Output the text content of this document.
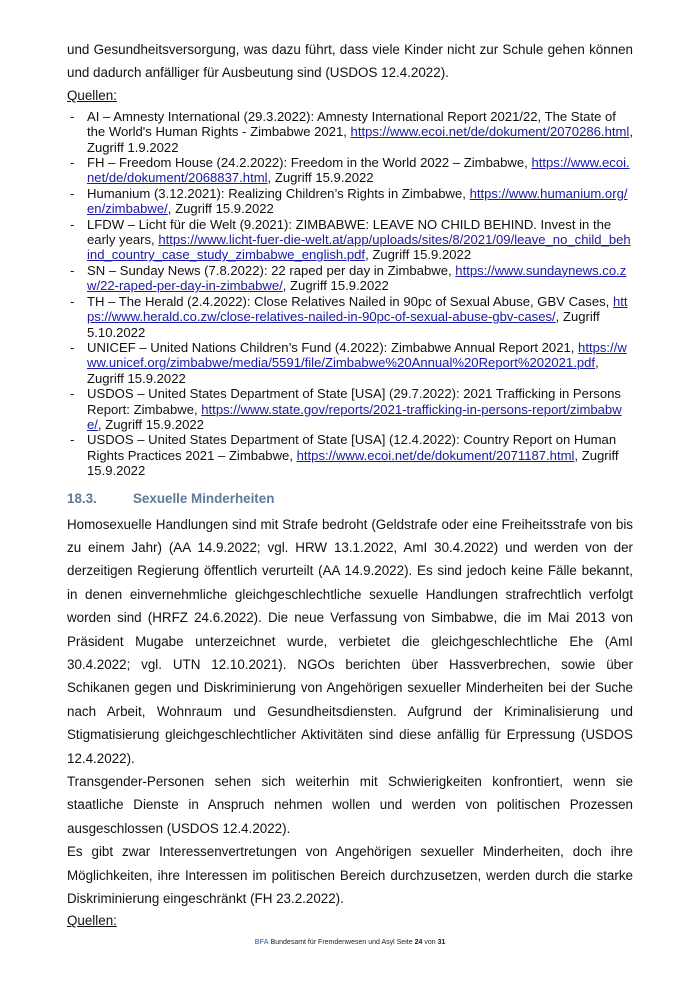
und Gesundheitsversorgung, was dazu führt, dass viele Kinder nicht zur Schule gehen können und dadurch anfälliger für Ausbeutung sind (USDOS 12.4.2022).

Quellen:
- AI – Amnesty International (29.3.2022): Amnesty International Report 2021/22, The State of the World's Human Rights - Zimbabwe 2021, https://www.ecoi.net/de/dokument/2070286.html, Zugriff 1.9.2022
- FH – Freedom House (24.2.2022): Freedom in the World 2022 – Zimbabwe, https://www.ecoi.net/de/dokument/2068837.html, Zugriff 15.9.2022
- Humanium (3.12.2021): Realizing Children’s Rights in Zimbabwe, https://www.humanium.org/en/zimbabwe/, Zugriff 15.9.2022
- LFDW – Licht für die Welt (9.2021): ZIMBABWE: LEAVE NO CHILD BEHIND. Invest in the early years, https://www.licht-fuer-die-welt.at/app/uploads/sites/8/2021/09/leave_no_child_behind_country_case_study_zimbabwe_english.pdf, Zugriff 15.9.2022
- SN – Sunday News (7.8.2022): 22 raped per day in Zimbabwe, https://www.sundaynews.co.zw/22-raped-per-day-in-zimbabwe/, Zugriff 15.9.2022
- TH – The Herald (2.4.2022): Close Relatives Nailed in 90pc of Sexual Abuse, GBV Cases, https://www.herald.co.zw/close-relatives-nailed-in-90pc-of-sexual-abuse-gbv-cases/, Zugriff 5.10.2022
- UNICEF – United Nations Children’s Fund (4.2022): Zimbabwe Annual Report 2021, https://www.unicef.org/zimbabwe/media/5591/file/Zimbabwe%20Annual%20Report%202021.pdf, Zugriff 15.9.2022
- USDOS – United States Department of State [USA] (29.7.2022): 2021 Trafficking in Persons Report: Zimbabwe, https://www.state.gov/reports/2021-trafficking-in-persons-report/zimbabwe/, Zugriff 15.9.2022
- USDOS – United States Department of State [USA] (12.4.2022): Country Report on Human Rights Practices 2021 – Zimbabwe, https://www.ecoi.net/de/dokument/2071187.html, Zugriff 15.9.2022
18.3.	Sexuelle Minderheiten

Homosexuelle Handlungen sind mit Strafe bedroht (Geldstrafe oder eine Freiheitsstrafe von bis zu einem Jahr) (AA 14.9.2022; vgl. HRW 13.1.2022, AmI 30.4.2022) und werden von der derzeitigen Regierung öffentlich verurteilt (AA 14.9.2022). Es sind jedoch keine Fälle bekannt, in denen einvernehmliche gleichgeschlechtliche sexuelle Handlungen strafrechtlich verfolgt worden sind (HRFZ 24.6.2022). Die neue Verfassung von Simbabwe, die im Mai 2013 von Präsident Mugabe unterzeichnet wurde, verbietet die gleichgeschlechtliche Ehe (AmI 30.4.2022; vgl. UTN 12.10.2021). NGOs berichten über Hassverbrechen, sowie über Schikanen gegen und Diskriminierung von Angehörigen sexueller Minderheiten bei der Suche nach Arbeit, Wohnraum und Gesundheitsdiensten. Aufgrund der Kriminalisierung und Stigmatisierung gleichgeschlechtlicher Aktivitäten sind diese anfällig für Erpressung (USDOS 12.4.2022).

Transgender-Personen sehen sich weiterhin mit Schwierigkeiten konfrontiert, wenn sie staatliche Dienste in Anspruch nehmen wollen und werden von politischen Prozessen ausgeschlossen (USDOS 12.4.2022).

Es gibt zwar Interessenvertretungen von Angehörigen sexueller Minderheiten, doch ihre Möglichkeiten, ihre Interessen im politischen Bereich durchzusetzen, werden durch die starke Diskriminierung eingeschränkt (FH 23.2.2022).

Quellen:
BFA Bundesamt für Fremdenwesen und Asyl Seite 24 von 31
